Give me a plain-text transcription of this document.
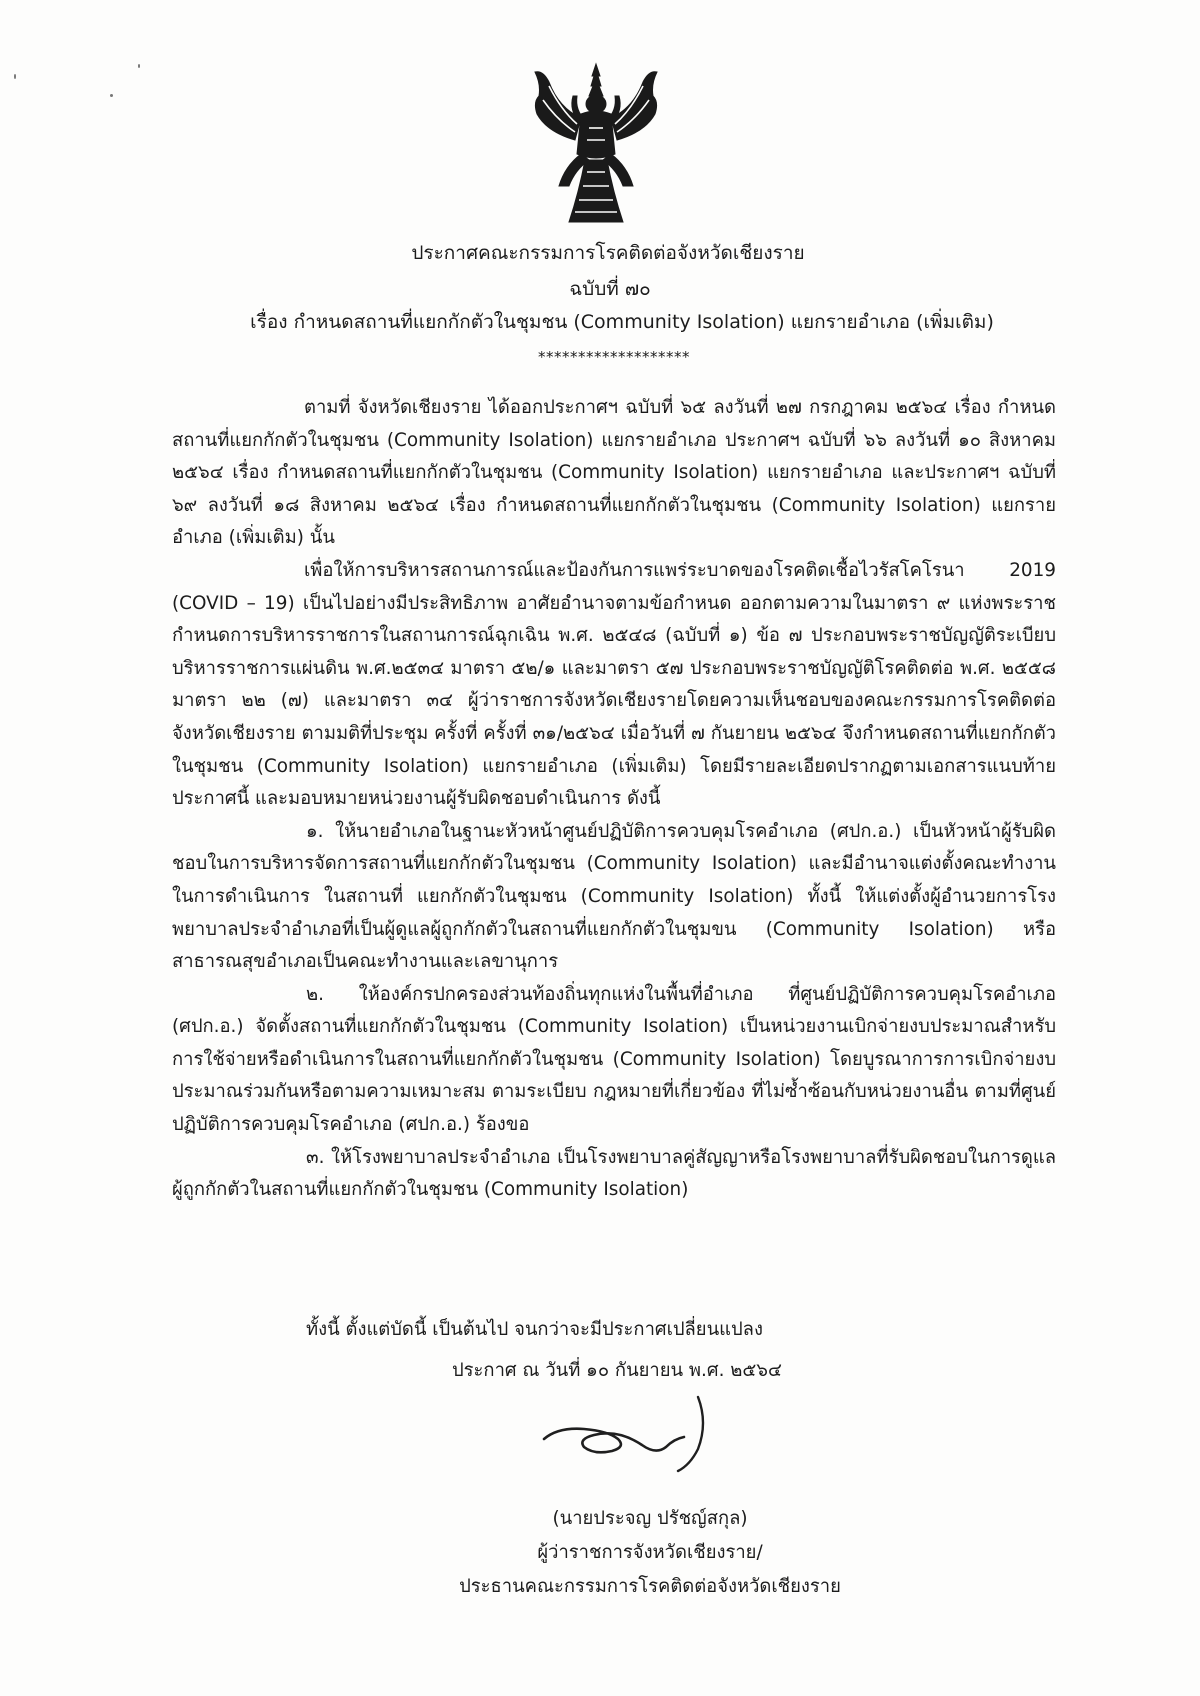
ประกาศคณะกรรมการโรคติดต่อจังหวัดเชียงราย
ฉบับที่ ๗๐
เรื่อง กำหนดสถานที่แยกกักตัวในชุมชน (Community Isolation) แยกรายอำเภอ (เพิ่มเติม)
*******************

ตามที่ จังหวัดเชียงราย ได้ออกประกาศฯ ฉบับที่ ๖๕ ลงวันที่ ๒๗ กรกฎาคม ๒๕๖๔ เรื่อง กำหนดสถานที่แยกกักตัวในชุมชน (Community Isolation) แยกรายอำเภอ ประกาศฯ ฉบับที่ ๖๖ ลงวันที่ ๑๐ สิงหาคม ๒๕๖๔ เรื่อง กำหนดสถานที่แยกกักตัวในชุมชน (Community Isolation) แยกรายอำเภอ และประกาศฯ ฉบับที่ ๖๙ ลงวันที่ ๑๘ สิงหาคม ๒๕๖๔ เรื่อง กำหนดสถานที่แยกกักตัวในชุมชน (Community Isolation) แยกรายอำเภอ (เพิ่มเติม) นั้น

เพื่อให้การบริหารสถานการณ์และป้องกันการแพร่ระบาดของโรคติดเชื้อไวรัสโคโรนา 2019 (COVID – 19) เป็นไปอย่างมีประสิทธิภาพ อาศัยอำนาจตามข้อกำหนด ออกตามความในมาตรา ๙ แห่งพระราชกำหนดการบริหารราชการในสถานการณ์ฉุกเฉิน พ.ศ. ๒๕๔๘ (ฉบับที่ ๑) ข้อ ๗ ประกอบพระราชบัญญัติระเบียบบริหารราชการแผ่นดิน พ.ศ.๒๕๓๔ มาตรา ๕๒/๑ และมาตรา ๕๗ ประกอบพระราชบัญญัติโรคติดต่อ พ.ศ. ๒๕๕๘ มาตรา ๒๒ (๗) และมาตรา ๓๔ ผู้ว่าราชการจังหวัดเชียงรายโดยความเห็นชอบของคณะกรรมการโรคติดต่อจังหวัดเชียงราย ตามมติที่ประชุม ครั้งที่ ครั้งที่ ๓๑/๒๕๖๔ เมื่อวันที่ ๗ กันยายน ๒๕๖๔ จึงกำหนดสถานที่แยกกักตัวในชุมชน (Community Isolation) แยกรายอำเภอ (เพิ่มเติม) โดยมีรายละเอียดปรากฏตามเอกสารแนบท้ายประกาศนี้ และมอบหมายหน่วยงานผู้รับผิดชอบดำเนินการ ดังนี้

๑. ให้นายอำเภอในฐานะหัวหน้าศูนย์ปฏิบัติการควบคุมโรคอำเภอ (ศปก.อ.) เป็นหัวหน้าผู้รับผิดชอบในการบริหารจัดการสถานที่แยกกักตัวในชุมชน (Community Isolation) และมีอำนาจแต่งตั้งคณะทำงานในการดำเนินการ ในสถานที่ แยกกักตัวในชุมชน (Community Isolation) ทั้งนี้ ให้แต่งตั้งผู้อำนวยการโรงพยาบาลประจำอำเภอที่เป็นผู้ดูแลผู้ถูกกักตัวในสถานที่แยกกักตัวในชุมขน (Community Isolation) หรือ สาธารณสุขอำเภอเป็นคณะทำงานและเลขานุการ

๒. ให้องค์กรปกครองส่วนท้องถิ่นทุกแห่งในพื้นที่อำเภอ ที่ศูนย์ปฏิบัติการควบคุมโรคอำเภอ (ศปก.อ.) จัดตั้งสถานที่แยกกักตัวในชุมชน (Community Isolation) เป็นหน่วยงานเบิกจ่ายงบประมาณสำหรับการใช้จ่ายหรือดำเนินการในสถานที่แยกกักตัวในชุมชน (Community Isolation) โดยบูรณาการการเบิกจ่ายงบประมาณร่วมกันหรือตามความเหมาะสม ตามระเบียบ กฎหมายที่เกี่ยวข้อง ที่ไม่ซ้ำซ้อนกับหน่วยงานอื่น ตามที่ศูนย์ปฏิบัติการควบคุมโรคอำเภอ (ศปก.อ.) ร้องขอ

๓. ให้โรงพยาบาลประจำอำเภอ เป็นโรงพยาบาลคู่สัญญาหรือโรงพยาบาลที่รับผิดชอบในการดูแลผู้ถูกกักตัวในสถานที่แยกกักตัวในชุมชน (Community Isolation)

ทั้งนี้ ตั้งแต่บัดนี้ เป็นต้นไป จนกว่าจะมีประกาศเปลี่ยนแปลง
ประกาศ ณ วันที่ ๑๐ กันยายน พ.ศ. ๒๕๖๔
(นายประจญ ปรัชญ์สกุล)
ผู้ว่าราชการจังหวัดเชียงราย/
ประธานคณะกรรมการโรคติดต่อจังหวัดเชียงราย
